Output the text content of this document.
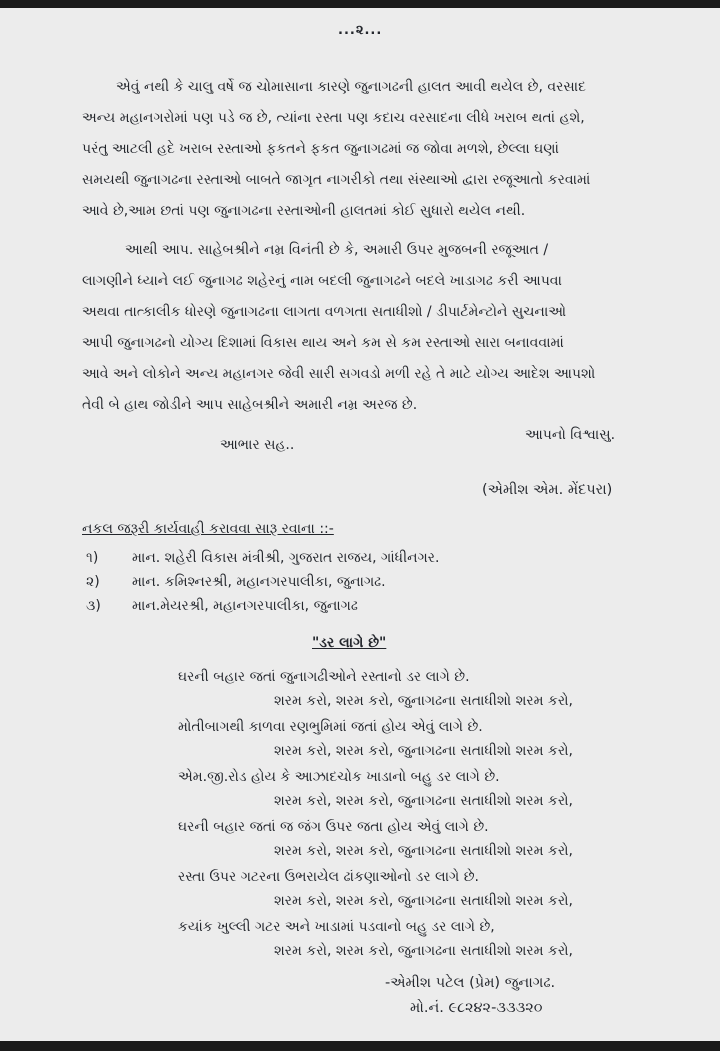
...૨...
એવું નથી કે ચાલુ વર્ષે જ ચોમાસાના કારણે જુનાગઢની હાલત આવી થયેલ છે, વરસાદ
અન્ય મહાનગરોમાં પણ પડે જ છે, ત્યાંના રસ્તા પણ કદાચ વરસાદના લીધે ખરાબ થતાં હશે,
પરંતુ આટલી હદે ખરાબ રસ્તાઓ ફકતને ફકત જુનાગઢમાં જ જોવા મળશે, છેલ્લા ઘણાં
સમયથી જુનાગઢના રસ્તાઓ બાબતે જાગૃત નાગરીકો તથા સંસ્થાઓ દ્વારા રજૂઆતો કરવામાં
આવે છે,આમ છતાં પણ જુનાગઢના રસ્તાઓની હાલતમાં કોઈ સુધારો થયેલ નથી.
આથી આપ. સાહેબશ્રીને નમ્ર વિનંતી છે કે, અમારી ઉપર મુજબની રજૂઆત /
લાગણીને ધ્યાને લઈ જુનાગઢ શહેરનું નામ બદલી જુનાગઢને બદલે ખાડાગઢ કરી આપવા
અથવા તાત્કાલીક ધોરણે જુનાગઢના લાગતા વળગતા સતાધીશો / ડીપાર્ટમેન્ટોને સુચનાઓ
આપી જુનાગઢનો યોગ્ય દિશામાં વિકાસ થાય અને કમ સે કમ રસ્તાઓ સારા બનાવવામાં
આવે અને લોકોને અન્ય મહાનગર જેવી સારી સગવડો મળી રહે તે માટે યોગ્ય આદેશ આપશો
તેવી બે હાથ જોડીને આપ સાહેબશ્રીને અમારી નમ્ર અરજ છે.
આભાર સહ..
આપનો વિશ્વાસુ.
(એમીશ એમ. મેંદપરા)
નકલ જરૂરી કાર્યવાહી કરાવવા સારૂ રવાના ::-
૧) માન. શહેરી વિકાસ મંત્રીશ્રી, ગુજરાત રાજય, ગાંધીનગર.
૨) માન. કમિશ્નરશ્રી, મહાનગરપાલીકા, જુનાગઢ.
૩) માન.મેયરશ્રી, મહાનગરપાલીકા, જુનાગઢ
"ડર લાગે છે"
ઘરની બહાર જતાં જુનાગઢીઓને રસ્તાનો ડર લાગે છે.
શરમ કરો, શરમ કરો, જુનાગઢના સતાધીશો શરમ કરો,
મોતીબાગથી કાળવા રણભુમિમાં જતાં હોય એવું લાગે છે.
શરમ કરો, શરમ કરો, જુનાગઢના સતાધીશો શરમ કરો,
એમ.જી.રોડ હોય કે આઝાદચોક ખાડાનો બહુ ડર લાગે છે.
શરમ કરો, શરમ કરો, જુનાગઢના સતાધીશો શરમ કરો,
ઘરની બહાર જતાં જ જંગ ઉપર જતા હોય એવું લાગે છે.
શરમ કરો, શરમ કરો, જુનાગઢના સતાધીશો શરમ કરો,
રસ્તા ઉપર ગટરના ઉભરાયેલ ઢાંકણાઓનો ડર લાગે છે.
શરમ કરો, શરમ કરો, જુનાગઢના સતાધીશો શરમ કરો,
કયાંક ખુલ્લી ગટર અને ખાડામાં પડવાનો બહુ ડર લાગે છે,
શરમ કરો, શરમ કરો, જુનાગઢના સતાધીશો શરમ કરો,
-એમીશ પટેલ (પ્રેમ) જુનાગઢ.
મો.નં. ૯૮૨૪૨-૩૩૩૨૦
